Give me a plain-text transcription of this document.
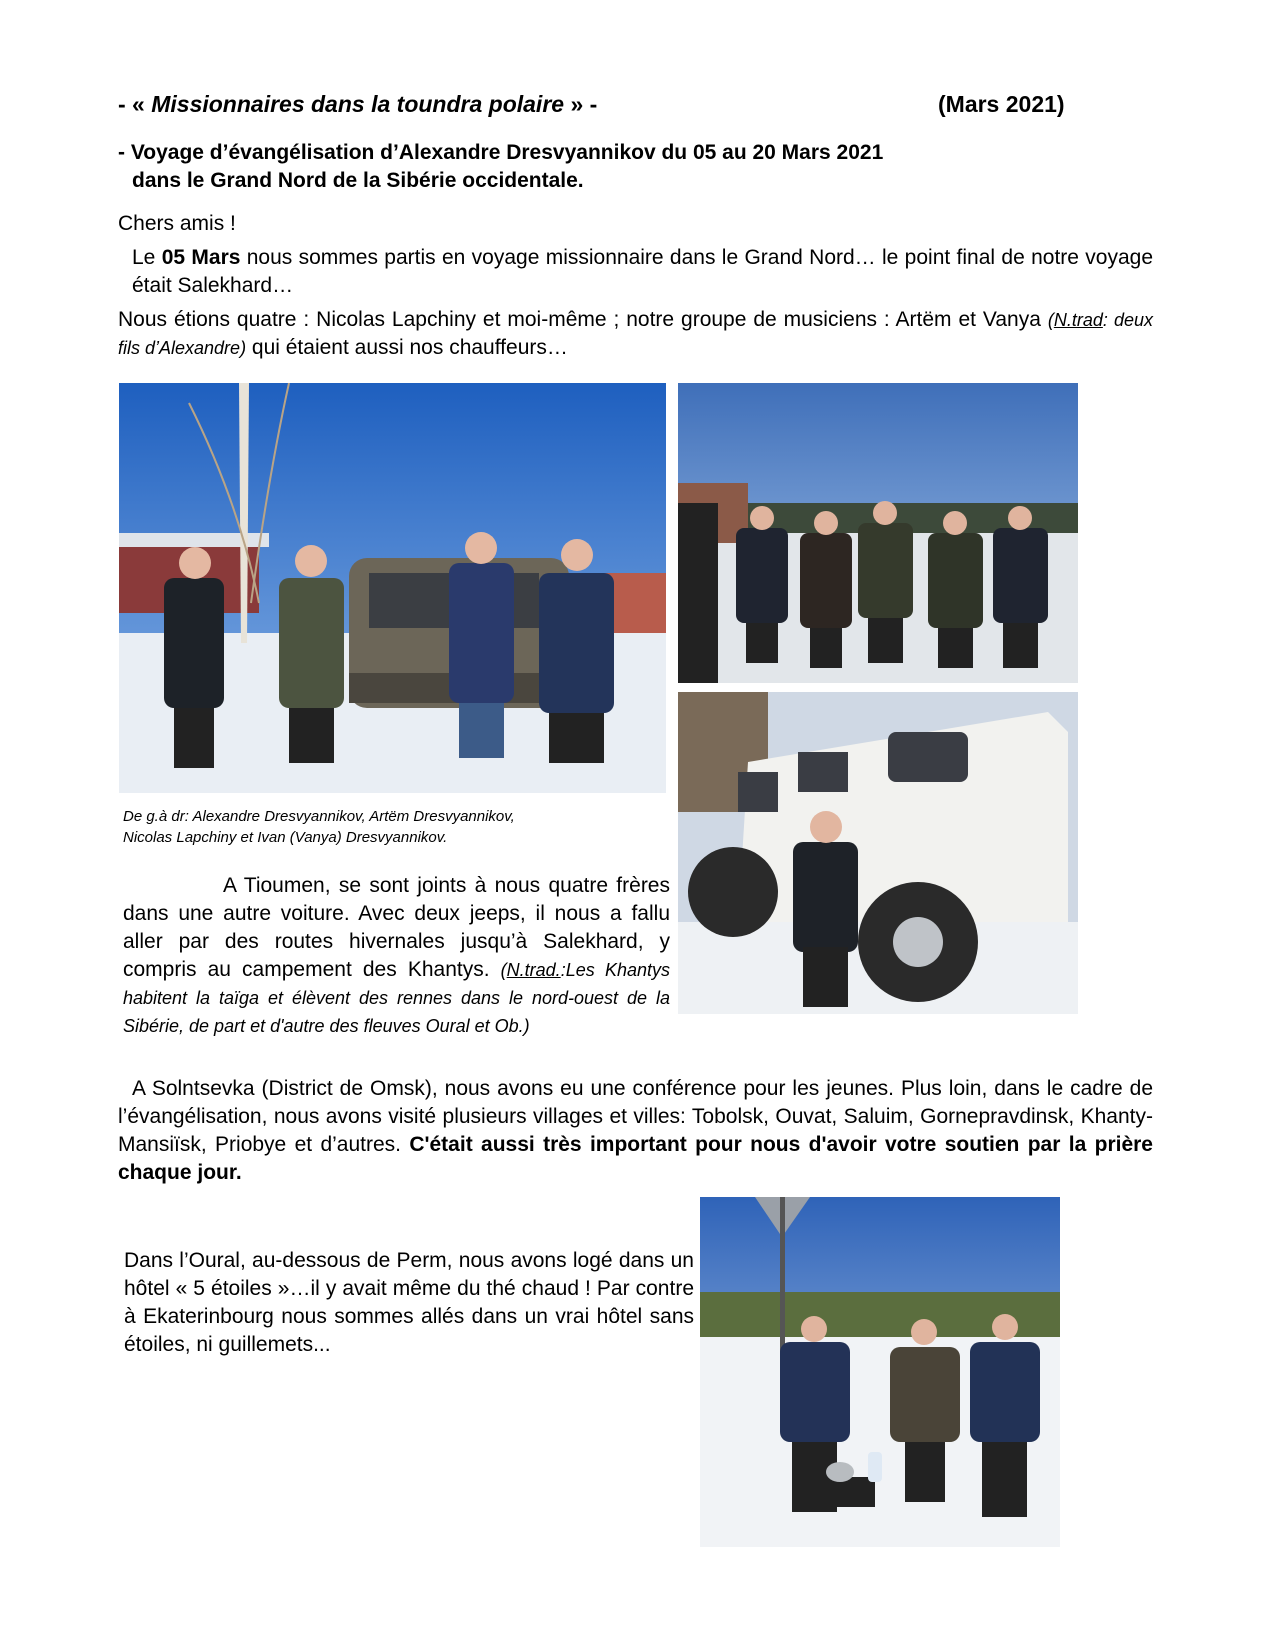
- « Missionnaires dans la toundra polaire » -	(Mars 2021)
- Voyage d’évangélisation d’Alexandre Dresvyannikov du 05 au 20 Mars 2021
dans le Grand Nord de la Sibérie occidentale.

Chers amis !

Le 05 Mars nous sommes partis en voyage missionnaire dans le Grand Nord… le point final de notre voyage était Salekhard…

Nous étions quatre : Nicolas Lapchiny et moi-même ; notre groupe de musiciens : Artëm et Vanya (N.trad: deux fils d’Alexandre) qui étaient aussi nos chauffeurs…

De g.à dr: Alexandre Dresvyannikov, Artëm Dresvyannikov,
Nicolas Lapchiny et Ivan (Vanya) Dresvyannikov.
A Tioumen, se sont joints à nous quatre frères dans une autre voiture. Avec deux jeeps, il nous a fallu aller par des routes hivernales jusqu’à Salekhard, y compris au campement des Khantys. (N.trad.:Les Khantys habitent la taïga et élèvent des rennes dans le nord-ouest de la Sibérie, de part et d'autre des fleuves Oural et Ob.)
A Solntsevka (District de Omsk), nous avons eu une conférence pour les jeunes. Plus loin, dans le cadre de l’évangélisation, nous avons visité plusieurs villages et villes: Tobolsk, Ouvat, Saluim, Gornepravdinsk, Khanty-Mansiïsk, Priobye et d’autres. C'était aussi très important pour nous d'avoir votre soutien par la prière chaque jour.
Dans l’Oural, au-dessous de Perm, nous avons logé dans un hôtel « 5 étoiles »…il y avait même du thé chaud ! Par contre à Ekaterinbourg nous sommes allés dans un vrai hôtel sans étoiles, ni guillemets...
